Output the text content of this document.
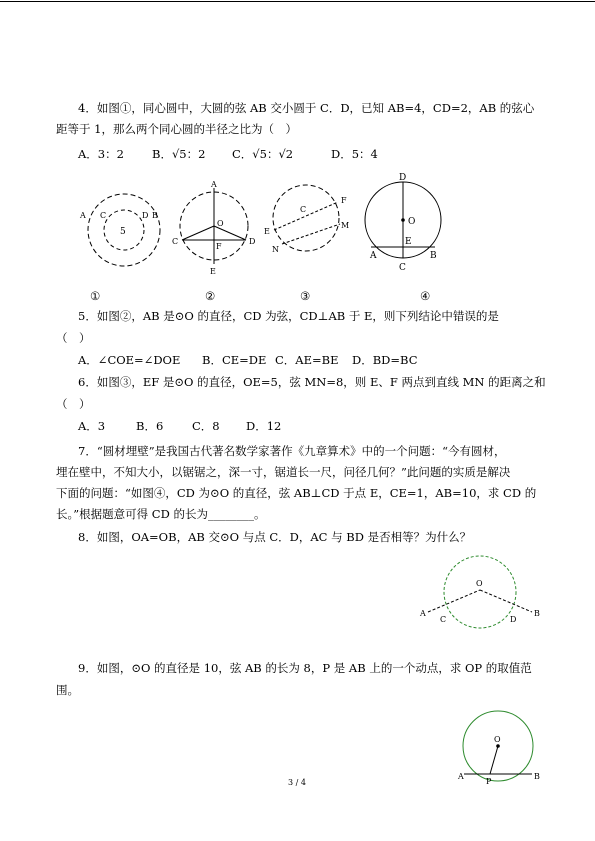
4．如图①，同心圆中，大圆的弦 AB 交小圆于 C．D，已知 AB=4，CD=2，AB 的弦心
距等于 1，那么两个同心圆的半径之比为（　）
A．3：2 B．√5：2 C．√5：√2	D．5：4
A C	D B
5
A
O
C	D
F
E
C
F
E
N
M
D
O
E
A	B
C
①	②	③	④
5．如图②，AB 是⊙O 的直径，CD 为弦，CD⊥AB 于 E，则下列结论中错误的是
（　）
A．∠COE=∠DOE B．CE=DE C．AE=BE D．BD=BC
6．如图③，EF 是⊙O 的直径，OE=5，弦 MN=8，则 E、F 两点到直线 MN 的距离之和
（　）
A．3	B．6 C．8 D．12
7．“圆材埋壁”是我国古代著名数学家著作《九章算术》中的一个问题：“今有圆材，
埋在壁中，不知大小，以锯锯之，深一寸，锯道长一尺，问径几何？”此问题的实质是解决
下面的问题：“如图④，CD 为⊙O 的直径，弦 AB⊥CD 于点 E，CE=1，AB=10，求 CD 的
长。”根据题意可得 CD 的长为________。
8．如图，OA=OB，AB 交⊙O 与点 C．D，AC 与 BD 是否相等？为什么？
O
A
C	D
B
9．如图，⊙O 的直径是 10，弦 AB 的长为 8，P 是 AB 上的一个动点，求 OP 的取值范
围。
O
A
P
B
3 / 4
